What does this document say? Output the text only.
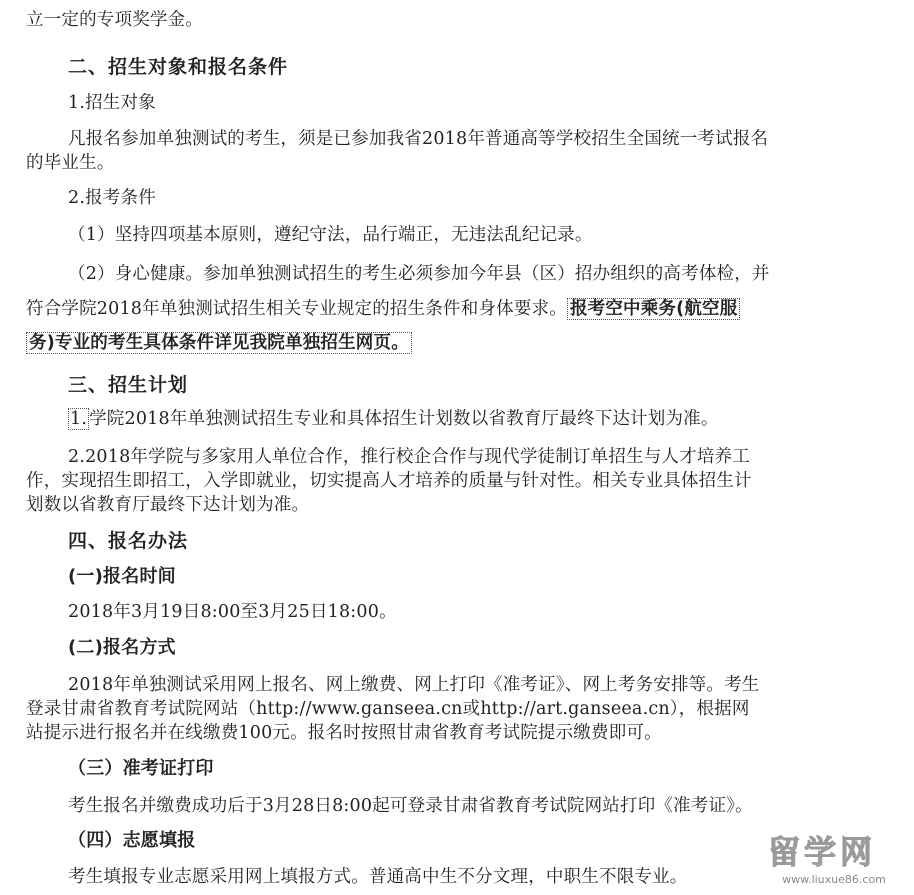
立一定的专项奖学金。
二、招生对象和报名条件
1.招生对象
凡报名参加单独测试的考生，须是已参加我省2018年普通高等学校招生全国统一考试报名
的毕业生。
2.报考条件
（1）坚持四项基本原则，遵纪守法，品行端正，无违法乱纪记录。
（2）身心健康。参加单独测试招生的考生必须参加今年县（区）招办组织的高考体检，并
符合学院2018年单独测试招生相关专业规定的招生条件和身体要求。 报考空中乘务(航空服
务)专业的考生具体条件详见我院单独招生网页。
三、招生计划
1. 学院2018年单独测试招生专业和具体招生计划数以省教育厅最终下达计划为准。
2.2018年学院与多家用人单位合作，推行校企合作与现代学徒制订单招生与人才培养工
作，实现招生即招工，入学即就业，切实提高人才培养的质量与针对性。相关专业具体招生计
划数以省教育厅最终下达计划为准。
四、报名办法
(一)报名时间
2018年3月19日8:00至3月25日18:00。
(二)报名方式
2018年单独测试采用网上报名、网上缴费、网上打印《准考证》、网上考务安排等。考生
登录甘肃省教育考试院网站（http://www.ganseea.cn或http://art.ganseea.cn），根据网
站提示进行报名并在线缴费100元。报名时按照甘肃省教育考试院提示缴费即可。
（三）准考证打印
考生报名并缴费成功后于3月28日8:00起可登录甘肃省教育考试院网站打印《准考证》。
（四）志愿填报
考生填报专业志愿采用网上填报方式。普通高中生不分文理，中职生不限专业。
留学网
www.liuxue86.com
